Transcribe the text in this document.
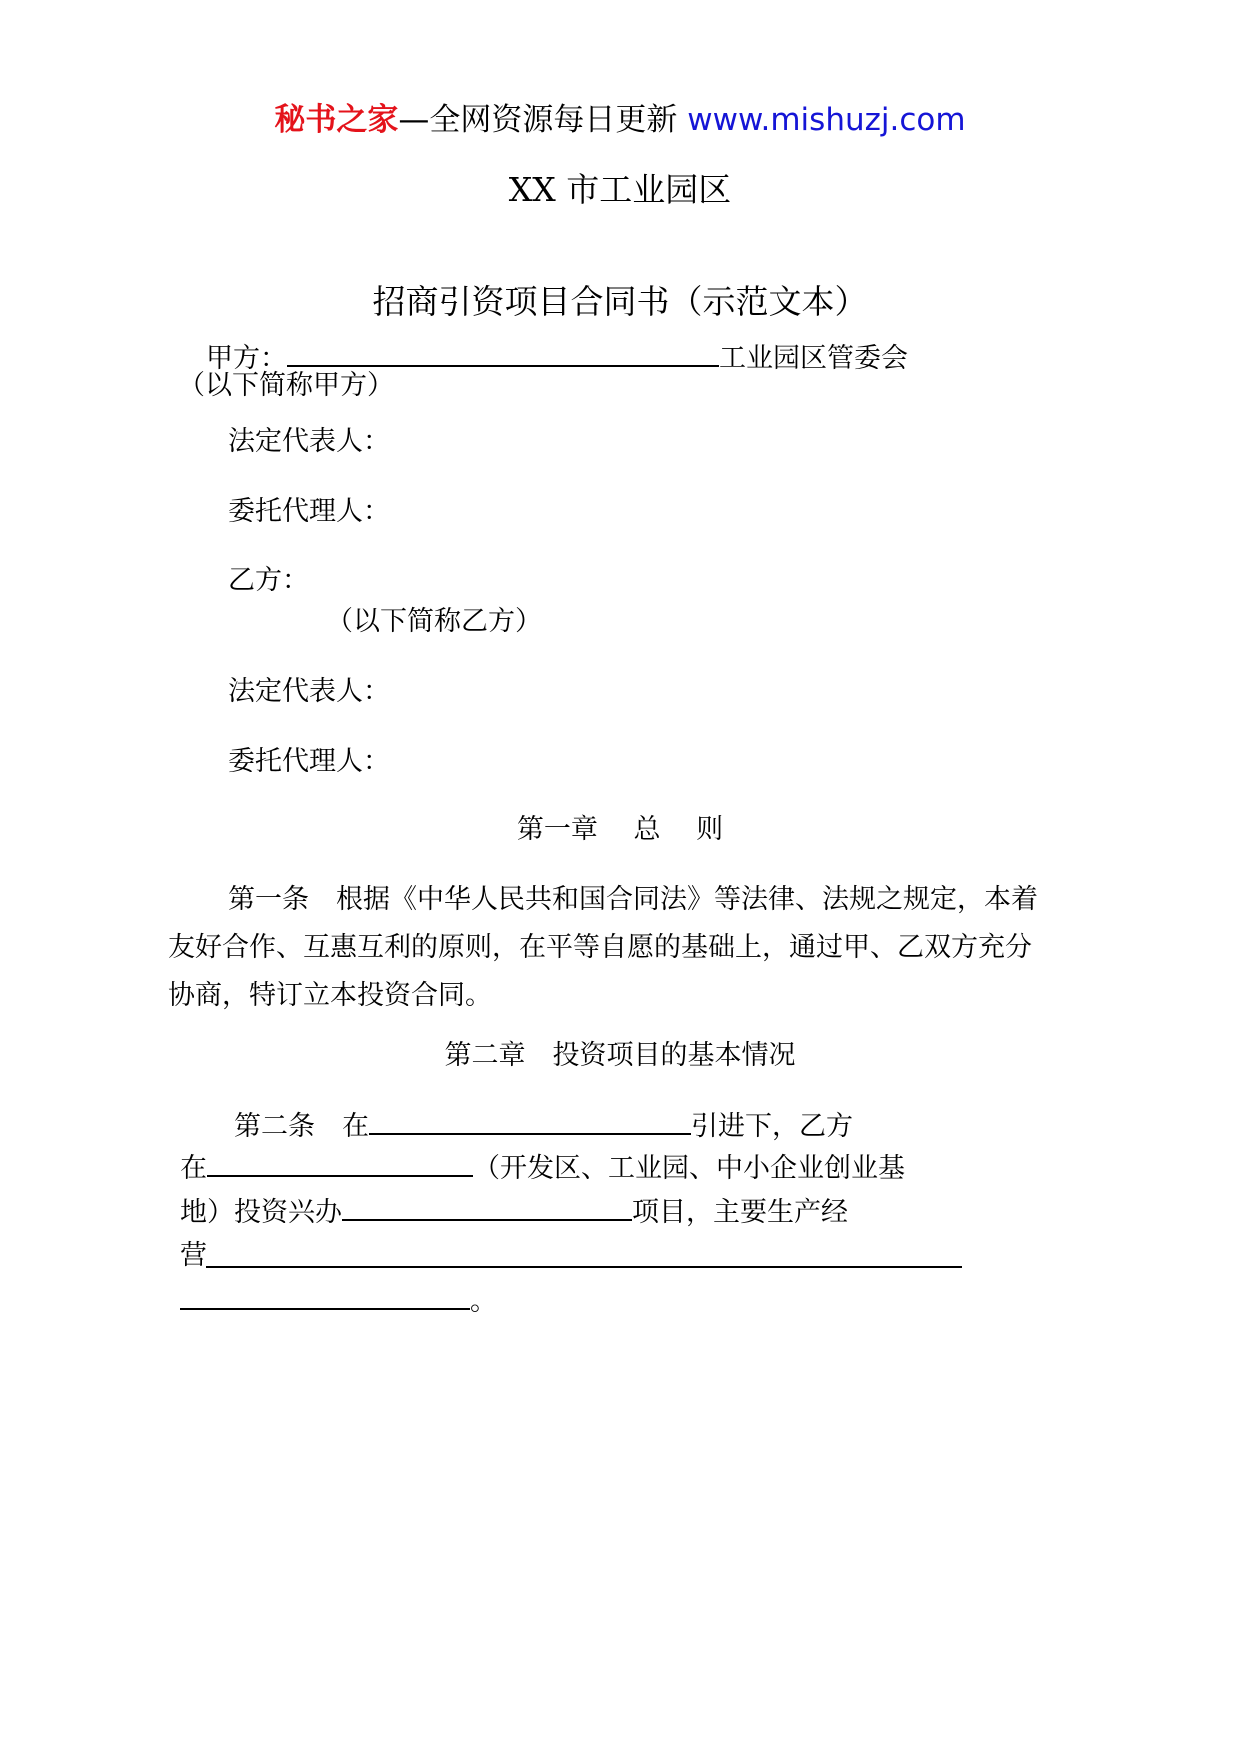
秘书之家—全网资源每日更新 www.mishuzj.com
XX 市工业园区
招商引资项目合同书（示范文本）
甲方：	工业园区管委会
（以下简称甲方）
法定代表人：
委托代理人：
乙方：
（以下简称乙方）
法定代表人：
委托代理人：
第一章　 总　 则
第一条　根据《中华人民共和国合同法》等法律、法规之规定，本着友好合作、互惠互利的原则，在平等自愿的基础上，通过甲、乙双方充分协商，特订立本投资合同。
第二章　投资项目的基本情况
第二条　在	引进下，乙方
在	（开发区、工业园、中小企业创业基
地）投资兴办	项目，主要生产经
营
。
